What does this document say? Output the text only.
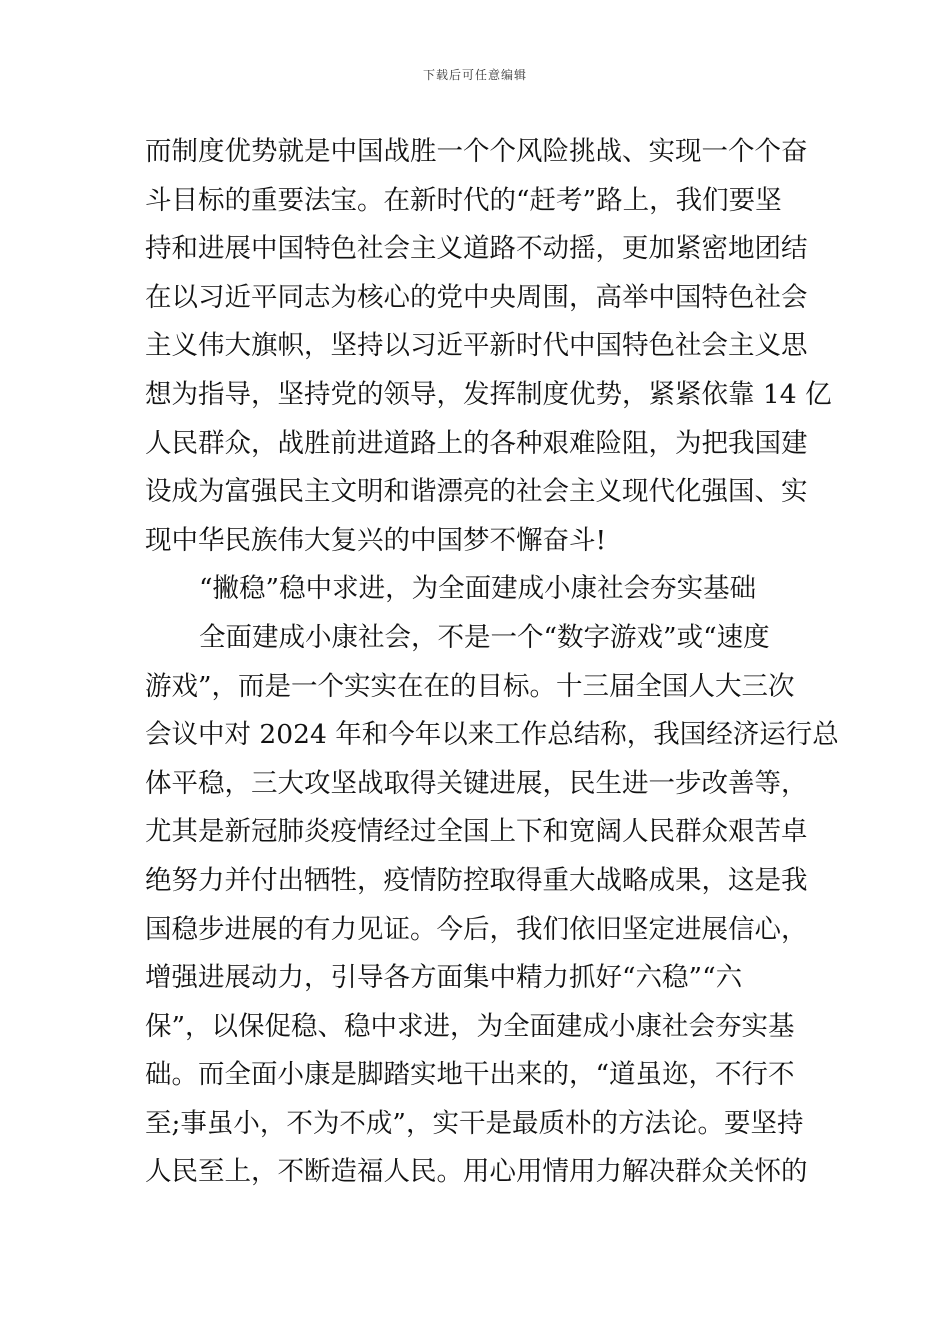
下载后可任意编辑
而制度优势就是中国战胜一个个风险挑战、实现一个个奋
斗目标的重要法宝。在新时代的“赶考”路上，我们要坚
持和进展中国特色社会主义道路不动摇，更加紧密地团结
在以习近平同志为核心的党中央周围，高举中国特色社会
主义伟大旗帜，坚持以习近平新时代中国特色社会主义思
想为指导，坚持党的领导，发挥制度优势，紧紧依靠 14 亿
人民群众，战胜前进道路上的各种艰难险阻，为把我国建
设成为富强民主文明和谐漂亮的社会主义现代化强国、实
现中华民族伟大复兴的中国梦不懈奋斗!
“撇稳”稳中求进，为全面建成小康社会夯实基础
全面建成小康社会，不是一个“数字游戏”或“速度
游戏”，而是一个实实在在的目标。十三届全国人大三次
会议中对 2024 年和今年以来工作总结称，我国经济运行总
体平稳，三大攻坚战取得关键进展，民生进一步改善等，
尤其是新冠肺炎疫情经过全国上下和宽阔人民群众艰苦卓
绝努力并付出牺牲，疫情防控取得重大战略成果，这是我
国稳步进展的有力见证。今后，我们依旧坚定进展信心，
增强进展动力，引导各方面集中精力抓好“六稳”“六
保”，以保促稳、稳中求进，为全面建成小康社会夯实基
础。而全面小康是脚踏实地干出来的，“道虽迩，不行不
至;事虽小，不为不成”，实干是最质朴的方法论。要坚持
人民至上，不断造福人民。用心用情用力解决群众关怀的
